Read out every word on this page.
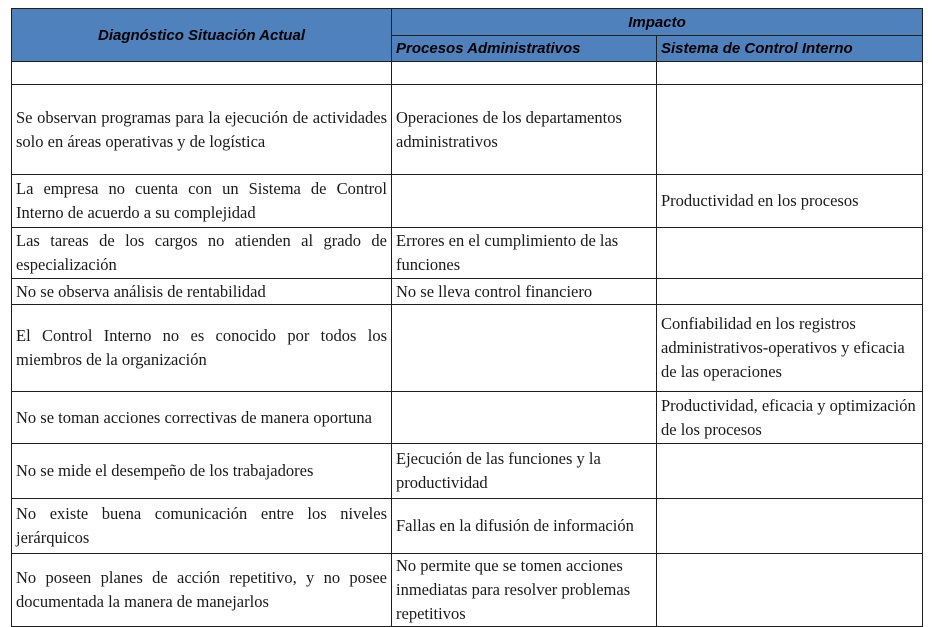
Diagnóstico Situación Actual	Impacto	
	Procesos Administrativos	Sistema de Control Interno

Se observan programas para la ejecución de actividades solo en áreas operativas y de logística	Operaciones de los departamentos administrativos	
La empresa no cuenta con un Sistema de Control Interno de acuerdo a su complejidad		Productividad en los procesos
Las tareas de los cargos no atienden al grado de especialización	Errores en el cumplimiento de las funciones	
No se observa análisis de rentabilidad	No se lleva control financiero	
El Control Interno no es conocido por todos los miembros de la organización		Confiabilidad en los registros administrativos-operativos y eficacia de las operaciones
No se toman acciones correctivas de manera oportuna		Productividad, eficacia y optimización de los procesos
No se mide el desempeño de los trabajadores	Ejecución de las funciones y la productividad	
No existe buena comunicación entre los niveles jerárquicos	Fallas en la difusión de información	
No poseen planes de acción repetitivo, y no posee documentada la manera de manejarlos	No permite que se tomen acciones inmediatas para resolver problemas repetitivos	
